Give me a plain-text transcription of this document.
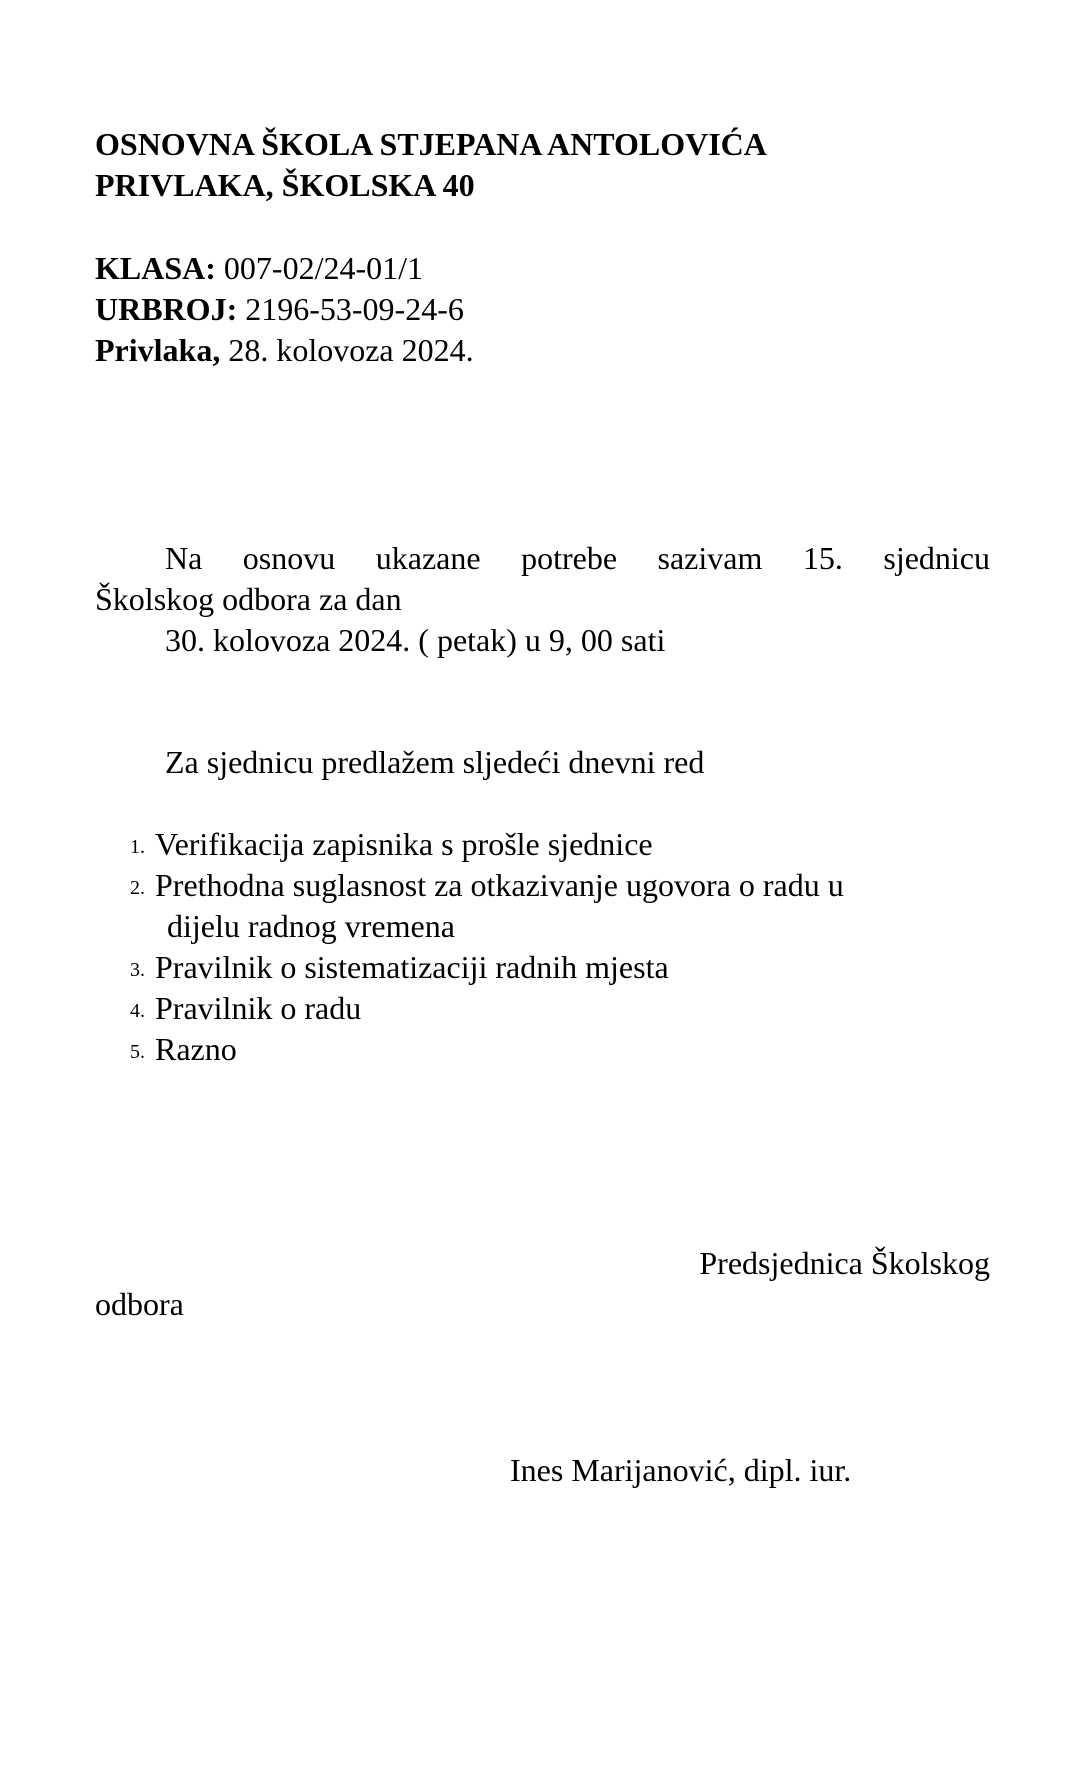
OSNOVNA ŠKOLA STJEPANA ANTOLOVIĆA
PRIVLAKA, ŠKOLSKA 40
KLASA: 007-02/24-01/1
URBROJ: 2196-53-09-24-6
Privlaka, 28. kolovoza 2024.
Na osnovu ukazane potrebe sazivam 15. sjednicu
Školskog odbora za dan
30. kolovoza 2024. ( petak) u 9, 00 sati
Za sjednicu predlažem sljedeći dnevni red
1. Verifikacija zapisnika s prošle sjednice
2. Prethodna suglasnost za otkazivanje ugovora o radu u
dijelu radnog vremena
3. Pravilnik o sistematizaciji radnih mjesta
4. Pravilnik o radu
5. Razno
Predsjednica Školskog
odbora
Ines Marijanović, dipl. iur.
